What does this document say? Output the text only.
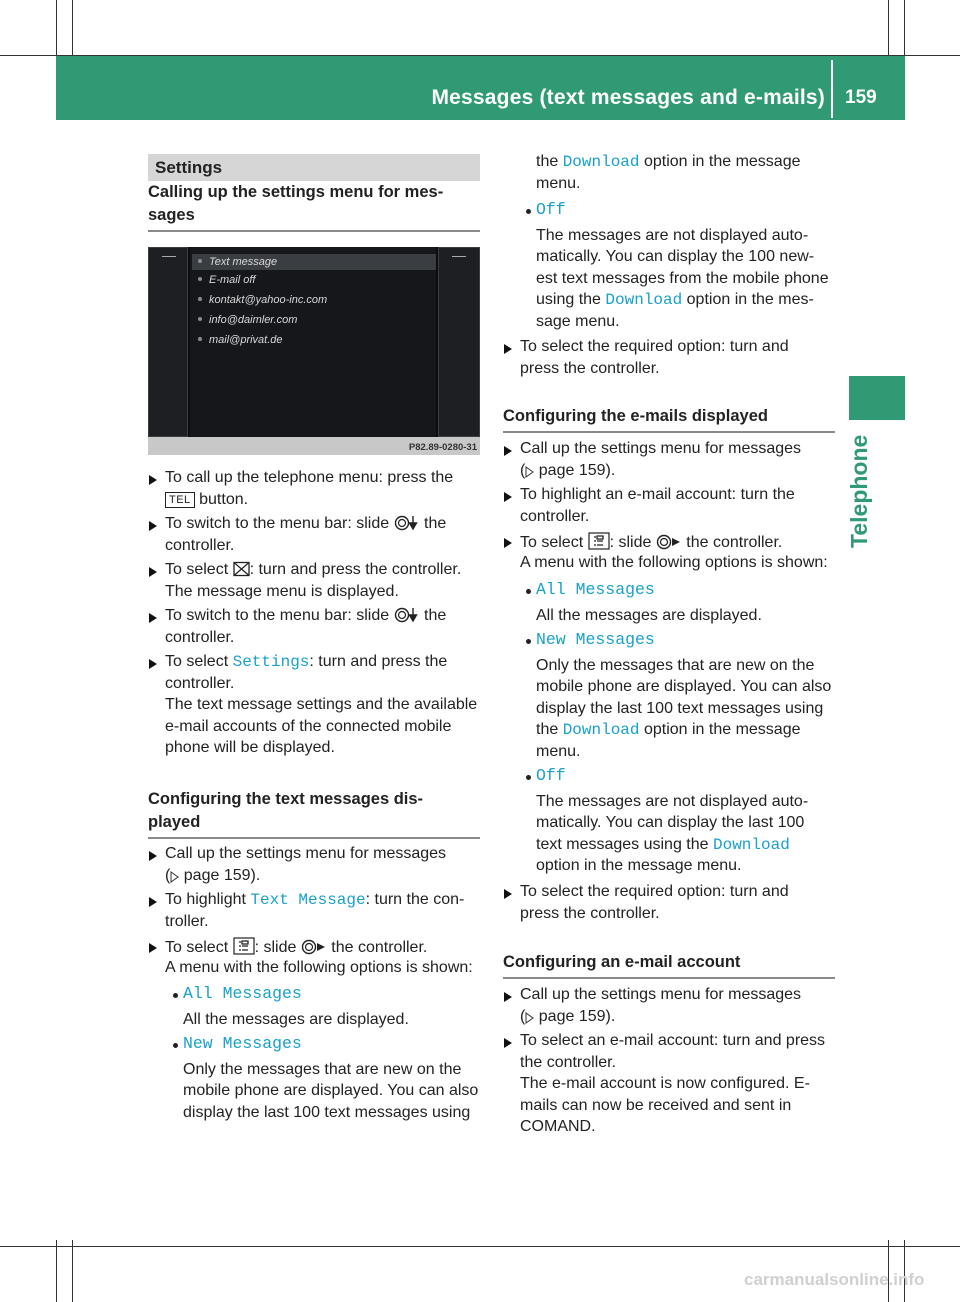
Messages (text messages and e-mails) 159
Telephone
Settings
Calling up the settings menu for mes-
sages
Text message
E-mail off
kontakt@yahoo-inc.com
info@daimler.com
mail@privat.de
P82.89-0280-31
To call up the telephone menu: press the
TEL button.
To switch to the menu bar: slide  the
controller.
To select : turn and press the controller.
The message menu is displayed.
To switch to the menu bar: slide  the
controller.
To select Settings: turn and press the
controller.
The text message settings and the available
e-mail accounts of the connected mobile
phone will be displayed.
Configuring the text messages dis-
played
Call up the settings menu for messages
( page 159).
To highlight Text Message: turn the con-
troller.
To select : slide  the controller.
A menu with the following options is shown:
All Messages
All the messages are displayed.
New Messages
Only the messages that are new on the
mobile phone are displayed. You can also
display the last 100 text messages using
the Download option in the message
menu.
Off
The messages are not displayed auto-
matically. You can display the 100 new-
est text messages from the mobile phone
using the Download option in the mes-
sage menu.
To select the required option: turn and
press the controller.
Configuring the e-mails displayed
Call up the settings menu for messages
( page 159).
To highlight an e-mail account: turn the
controller.
To select : slide  the controller.
A menu with the following options is shown:
All Messages
All the messages are displayed.
New Messages
Only the messages that are new on the
mobile phone are displayed. You can also
display the last 100 text messages using
the Download option in the message
menu.
Off
The messages are not displayed auto-
matically. You can display the last 100
text messages using the Download
option in the message menu.
To select the required option: turn and
press the controller.
Configuring an e-mail account
Call up the settings menu for messages
( page 159).
To select an e-mail account: turn and press
the controller.
The e-mail account is now configured. E-
mails can now be received and sent in
COMAND.
carmanualsonline.info
